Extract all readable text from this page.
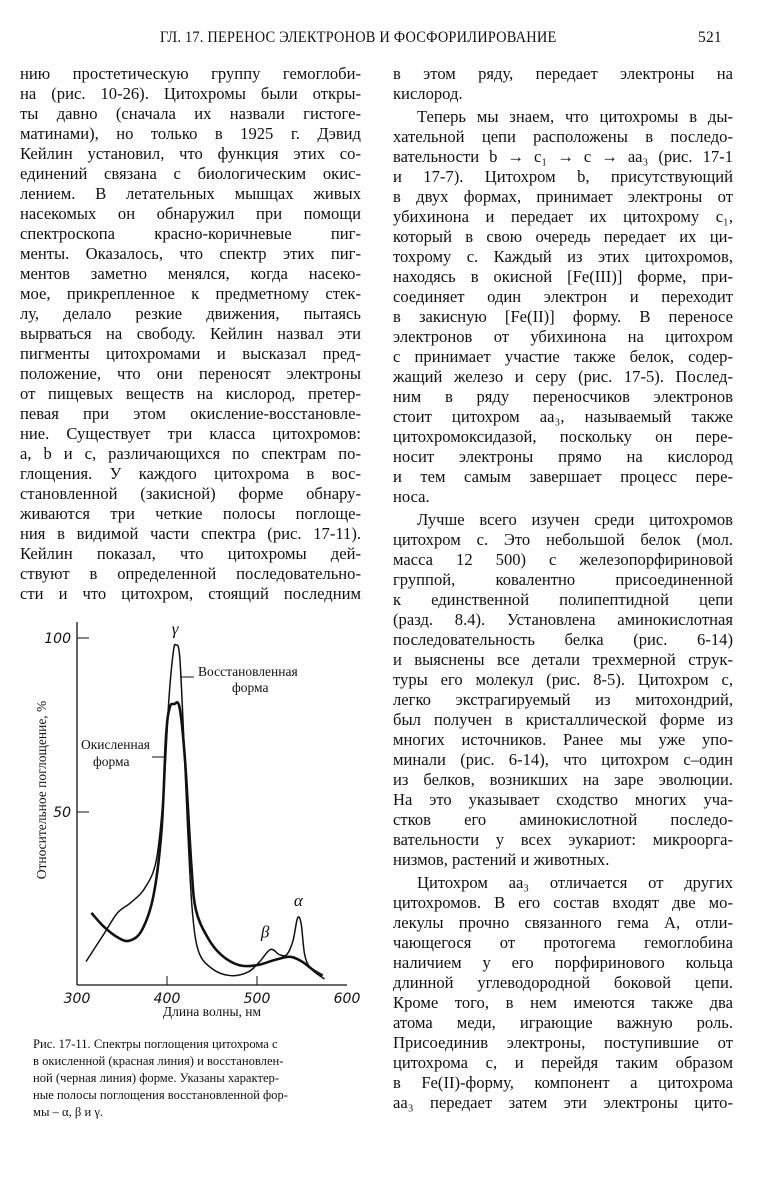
ГЛ. 17. ПЕРЕНОС ЭЛЕКТРОНОВ И ФОСФОРИЛИРОВАНИЕ	521
нию простетическую группу гемоглоби-
на (рис. 10-26). Цитохромы были откры-
ты давно (сначала их назвали гистоге-
матинами), но только в 1925 г. Дэвид
Кейлин установил, что функция этих со-
единений связана с биологическим окис-
лением. В летательных мышцах живых
насекомых он обнаружил при помощи
спектроскопа красно-коричневые пиг-
менты. Оказалось, что спектр этих пиг-
ментов заметно менялся, когда насеко-
мое, прикрепленное к предметному стек-
лу, делало резкие движения, пытаясь
вырваться на свободу. Кейлин назвал эти
пигменты цитохромами и высказал пред-
положение, что они переносят электроны
от пищевых веществ на кислород, претер-
певая при этом окисление-восстановле-
ние. Существует три класса цитохромов:
a, b и c, различающихся по спектрам по-
глощения. У каждого цитохрома в вос-
становленной (закисной) форме обнару-
живаются три четкие полосы поглоще-
ния в видимой части спектра (рис. 17-11).
Кейлин показал, что цитохромы дей-
ствуют в определенной последовательно-
сти и что цитохром, стоящий последним
в этом ряду, передает электроны на
кислород.
Теперь мы знаем, что цитохромы в ды-
хательной цепи расположены в последо-
вательности b → c₁ → c → aa₃ (рис. 17-1
и 17-7). Цитохром b, присутствующий
в двух формах, принимает электроны от
убихинона и передает их цитохрому c₁,
который в свою очередь передает их ци-
тохрому c. Каждый из этих цитохромов,
находясь в окисной [Fe(III)] форме, при-
соединяет один электрон и переходит
в закисную [Fe(II)] форму. В переносе
электронов от убихинона на цитохром
c принимает участие также белок, содер-
жащий железо и серу (рис. 17-5). Послед-
ним в ряду переносчиков электронов
стоит цитохром aa₃, называемый также
цитохромоксидазой, поскольку он пере-
носит электроны прямо на кислород
и тем самым завершает процесс пере-
носа.
Лучше всего изучен среди цитохромов
цитохром c. Это небольшой белок (мол.
масса 12 500) с железопорфириновой
группой, ковалентно присоединенной
к единственной полипептидной цепи
(разд. 8.4). Установлена аминокислотная
последовательность белка (рис. 6-14)
и выяснены все детали трехмерной струк-
туры его молекул (рис. 8-5). Цитохром c,
легко экстрагируемый из митохондрий,
был получен в кристаллической форме из
многих источников. Ранее мы уже упо-
минали (рис. 6-14), что цитохром c–один
из белков, возникших на заре эволюции.
На это указывает сходство многих уча-
стков его аминокислотной последо-
вательности у всех эукариот: микроорга-
низмов, растений и животных.
Цитохром aa₃ отличается от других
цитохромов. В его состав входят две мо-
лекулы прочно связанного гема А, отли-
чающегося от протогема гемоглобина
наличием у его порфиринового кольца
длинной углеводородной боковой цепи.
Кроме того, в нем имеются также два
атома меди, играющие важную роль.
Присоединив электроны, поступившие от
цитохрома c, и перейдя таким образом
в Fe(II)-форму, компонент a цитохрома
aa₃ передает затем эти электроны цито-
50
100
300	400	500	600
γ
β
α
Относительное поглощение, %
Длина волны, нм
Восстановленная
форма
Окисленная
форма
Рис. 17-11. Спектры поглощения цитохрома c
в окисленной (красная линия) и восстановлен-
ной (черная линия) форме. Указаны характер-
ные полосы поглощения восстановленной фор-
мы – α, β и γ.
